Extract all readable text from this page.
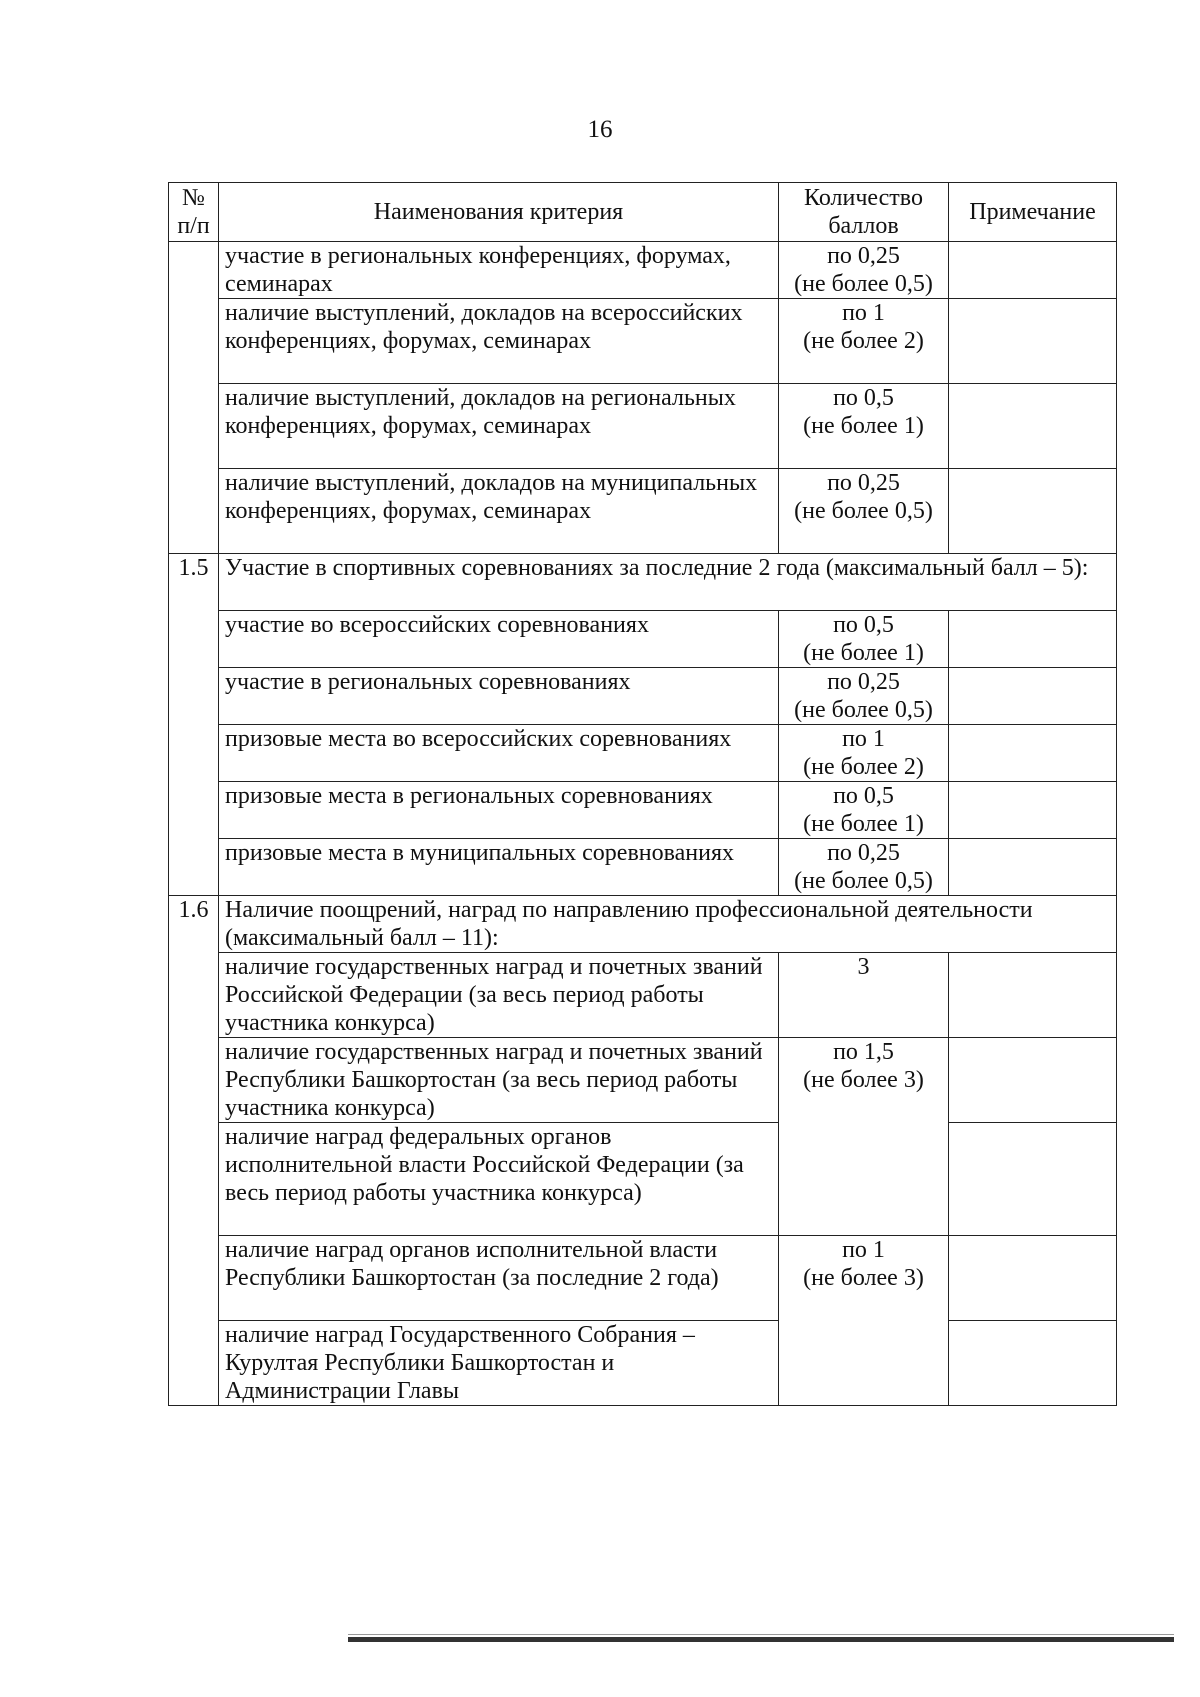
16
№ п/п	Наименования критерия	Количество баллов	Примечание
	участие в региональных конференциях, форумах, семинарах	по 0,25
(не более 0,5)	

	наличие выступлений, докладов на всероссийских конференциях, форумах, семинарах	по 1
(не более 2)	

	наличие выступлений, докладов на региональных конференциях, форумах, семинарах	по 0,5
(не более 1)	

	наличие выступлений, докладов на муниципальных конференциях, форумах, семинарах	по 0,25
(не более 0,5)	

1.5	Участие в спортивных соревнованиях за последние 2 года (максимальный балл – 5):		
	участие во всероссийских соревнованиях	по 0,5
(не более 1)	

	участие в региональных соревнованиях	по 0,25
(не более 0,5)	

	призовые места во всероссийских соревнованиях	по 1
(не более 2)	

	призовые места в региональных соревнованиях	по 0,5
(не более 1)	

	призовые места в муниципальных соревнованиях	по 0,25
(не более 0,5)	

1.6	Наличие поощрений, наград по направлению профессиональной деятельности (максимальный балл – 11):		
	наличие государственных наград и почетных званий Российской Федерации (за весь период работы участника конкурса)	3	

	наличие государственных наград и почетных званий Республики Башкортостан (за весь период работы участника конкурса)	по 1,5
(не более 3)	

	наличие наград федеральных органов исполнительной власти Российской Федерации (за весь период работы участника конкурса)		
	наличие наград органов исполнительной власти Республики Башкортостан (за последние 2 года)	по 1
(не более 3)	

	наличие наград Государственного Собрания – Курултая Республики Башкортостан и Администрации Главы		
